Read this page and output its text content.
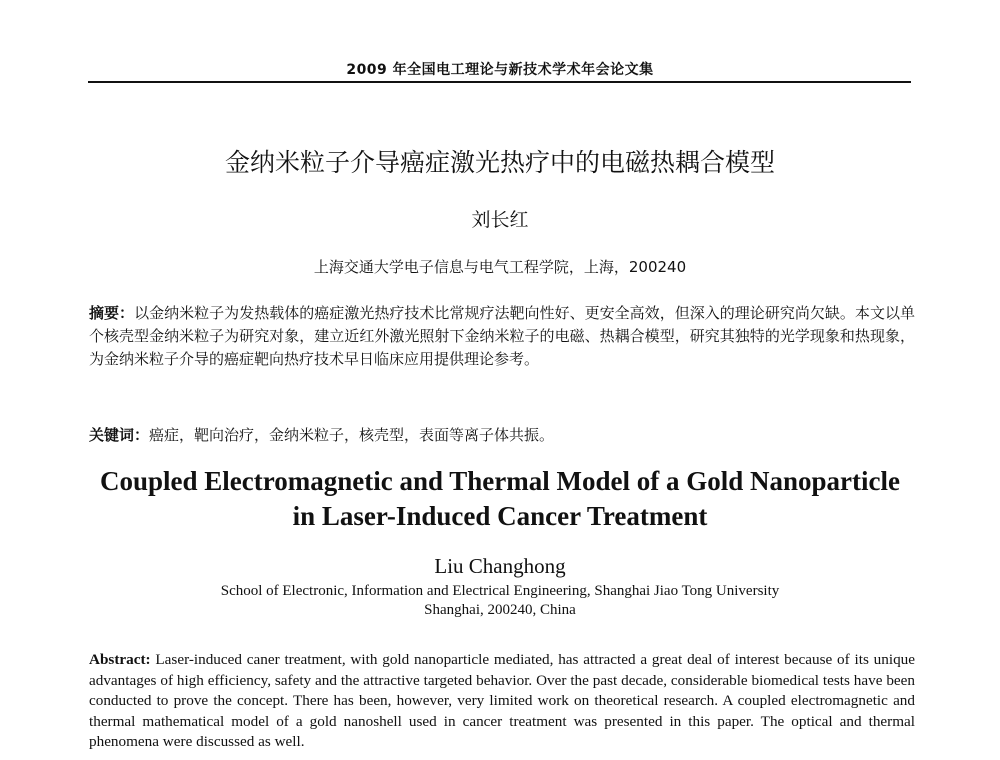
2009 年全国电工理论与新技术学术年会论文集
金纳米粒子介导癌症激光热疗中的电磁热耦合模型
刘长红
上海交通大学电子信息与电气工程学院，上海，200240
摘要：以金纳米粒子为发热载体的癌症激光热疗技术比常规疗法靶向性好、更安全高效，但深入的理论研究尚欠缺。本文以单个核壳型金纳米粒子为研究对象，建立近红外激光照射下金纳米粒子的电磁、热耦合模型，研究其独特的光学现象和热现象，为金纳米粒子介导的癌症靶向热疗技术早日临床应用提供理论参考。
关键词：癌症，靶向治疗，金纳米粒子，核壳型，表面等离子体共振。
Coupled Electromagnetic and Thermal Model of a Gold Nanoparticle
in Laser-Induced Cancer Treatment
Liu Changhong
School of Electronic, Information and Electrical Engineering, Shanghai Jiao Tong University
Shanghai, 200240, China
Abstract: Laser-induced caner treatment, with gold nanoparticle mediated, has attracted a great deal of interest because of its unique advantages of high efficiency, safety and the attractive targeted behavior. Over the past decade, considerable biomedical tests have been conducted to prove the concept. There has been, however, very limited work on theoretical research. A coupled electromagnetic and thermal mathematical model of a gold nanoshell used in cancer treatment was presented in this paper. The optical and thermal phenomena were discussed as well.
